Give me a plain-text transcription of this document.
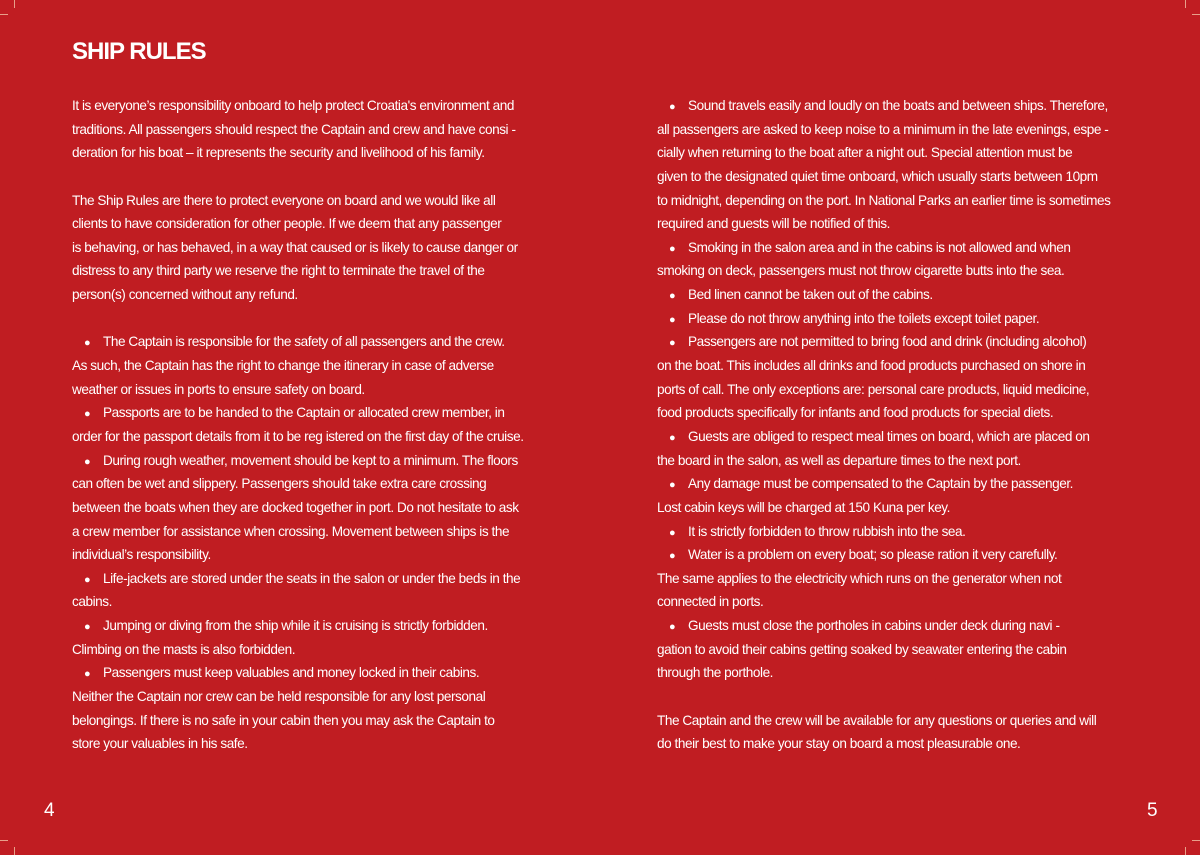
SHIP RULES
It is everyone’s responsibility onboard to help protect Croatia's environment and
traditions. All passengers should respect the Captain and crew and have consi -
deration for his boat – it represents the security and livelihood of his family.
The Ship Rules are there to protect everyone on board and we would like all
clients to have consideration for other people. If we deem that any passenger
is behaving, or has behaved, in a way that caused or is likely to cause danger or
distress to any third party we reserve the right to terminate the travel of the
person(s) concerned without any refund.
● The Captain is responsible for the safety of all passengers and the crew.
As such, the Captain has the right to change the itinerary in case of adverse
weather or issues in ports to ensure safety on board.
● Passports are to be handed to the Captain or allocated crew member, in
order for the passport details from it to be reg istered on the first day of the cruise.
● During rough weather, movement should be kept to a minimum. The floors
can often be wet and slippery. Passengers should take extra care crossing
between the boats when they are docked together in port. Do not hesitate to ask
a crew member for assistance when crossing. Movement between ships is the
individual’s responsibility.
● Life-jackets are stored under the seats in the salon or under the beds in the
cabins.
● Jumping or diving from the ship while it is cruising is strictly forbidden.
Climbing on the masts is also forbidden.
● Passengers must keep valuables and money locked in their cabins.
Neither the Captain nor crew can be held responsible for any lost personal
belongings. If there is no safe in your cabin then you may ask the Captain to
store your valuables in his safe.
● Sound travels easily and loudly on the boats and between ships. Therefore,
all passengers are asked to keep noise to a minimum in the late evenings, espe -
cially when returning to the boat after a night out. Special attention must be
given to the designated quiet time onboard, which usually starts between 10pm
to midnight, depending on the port. In National Parks an earlier time is sometimes
required and guests will be notified of this.
● Smoking in the salon area and in the cabins is not allowed and when
smoking on deck, passengers must not throw cigarette butts into the sea.
● Bed linen cannot be taken out of the cabins.
● Please do not throw anything into the toilets except toilet paper.
● Passengers are not permitted to bring food and drink (including alcohol)
on the boat. This includes all drinks and food products purchased on shore in
ports of call. The only exceptions are: personal care products, liquid medicine,
food products specifically for infants and food products for special diets.
● Guests are obliged to respect meal times on board, which are placed on
the board in the salon, as well as departure times to the next port.
● Any damage must be compensated to the Captain by the passenger.
Lost cabin keys will be charged at 150 Kuna per key.
● It is strictly forbidden to throw rubbish into the sea.
● Water is a problem on every boat; so please ration it very carefully.
The same applies to the electricity which runs on the generator when not
connected in ports.
● Guests must close the portholes in cabins under deck during navi -
gation to avoid their cabins getting soaked by seawater entering the cabin
through the porthole.
The Captain and the crew will be available for any questions or queries and will
do their best to make your stay on board a most pleasurable one.
4	5
